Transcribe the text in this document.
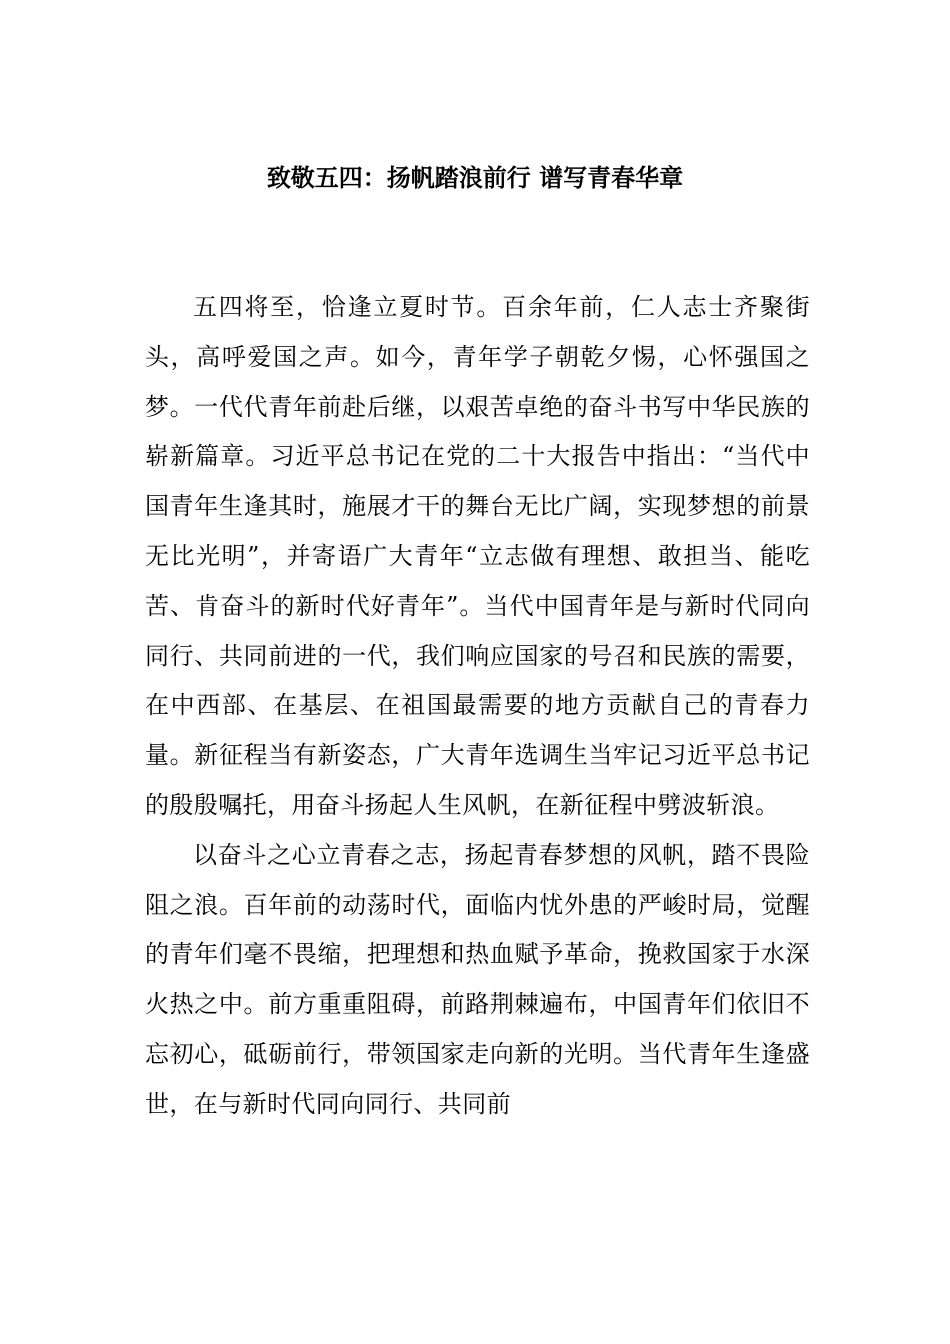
致敬五四：扬帆踏浪前行 谱写青春华章

五四将至，恰逢立夏时节。百余年前，仁人志士齐聚街头，高呼爱国之声。如今，青年学子朝乾夕惕，心怀强国之梦。一代代青年前赴后继，以艰苦卓绝的奋斗书写中华民族的崭新篇章。习近平总书记在党的二十大报告中指出：“当代中国青年生逢其时，施展才干的舞台无比广阔，实现梦想的前景无比光明”，并寄语广大青年“立志做有理想、敢担当、能吃苦、肯奋斗的新时代好青年”。当代中国青年是与新时代同向同行、共同前进的一代，我们响应国家的号召和民族的需要，在中西部、在基层、在祖国最需要的地方贡献自己的青春力量。新征程当有新姿态，广大青年选调生当牢记习近平总书记的殷殷嘱托，用奋斗扬起人生风帆，在新征程中劈波斩浪。

以奋斗之心立青春之志，扬起青春梦想的风帆，踏不畏险阻之浪。百年前的动荡时代，面临内忧外患的严峻时局，觉醒的青年们毫不畏缩，把理想和热血赋予革命，挽救国家于水深火热之中。前方重重阻碍，前路荆棘遍布，中国青年们依旧不忘初心，砥砺前行，带领国家走向新的光明。当代青年生逢盛世，在与新时代同向同行、共同前
